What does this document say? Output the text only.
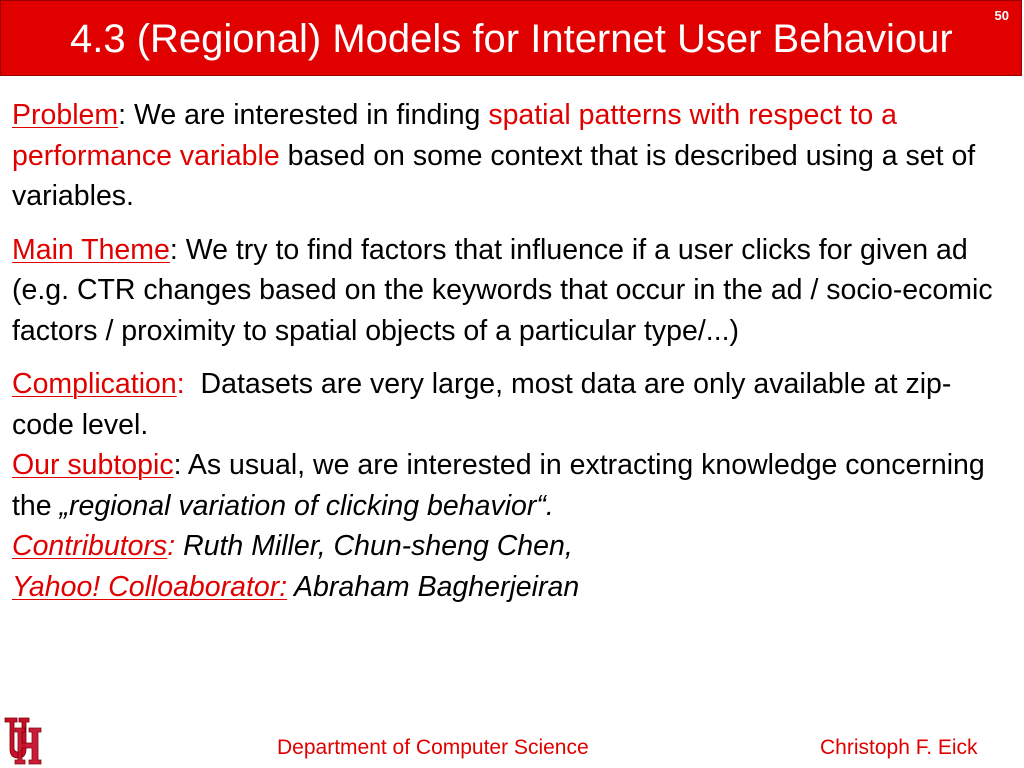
4.3 (Regional) Models for Internet User Behaviour
50

Problem: We are interested in finding spatial patterns with respect to a performance variable based on some context that is described using a set of variables.

Main Theme: We try to find factors that influence if a user clicks for given ad (e.g. CTR changes based on the keywords that occur in the ad / socio-ecomic factors / proximity to spatial objects of a particular type/...)

Complication:  Datasets are very large, most data are only available at zip-code level.

Our subtopic: As usual, we are interested in extracting knowledge concerning the „regional variation of clicking behavior“.

Contributors: Ruth Miller, Chun-sheng Chen,

Yahoo! Colloaborator: Abraham Bagherjeiran

Department of Computer Science	Christoph F. Eick
